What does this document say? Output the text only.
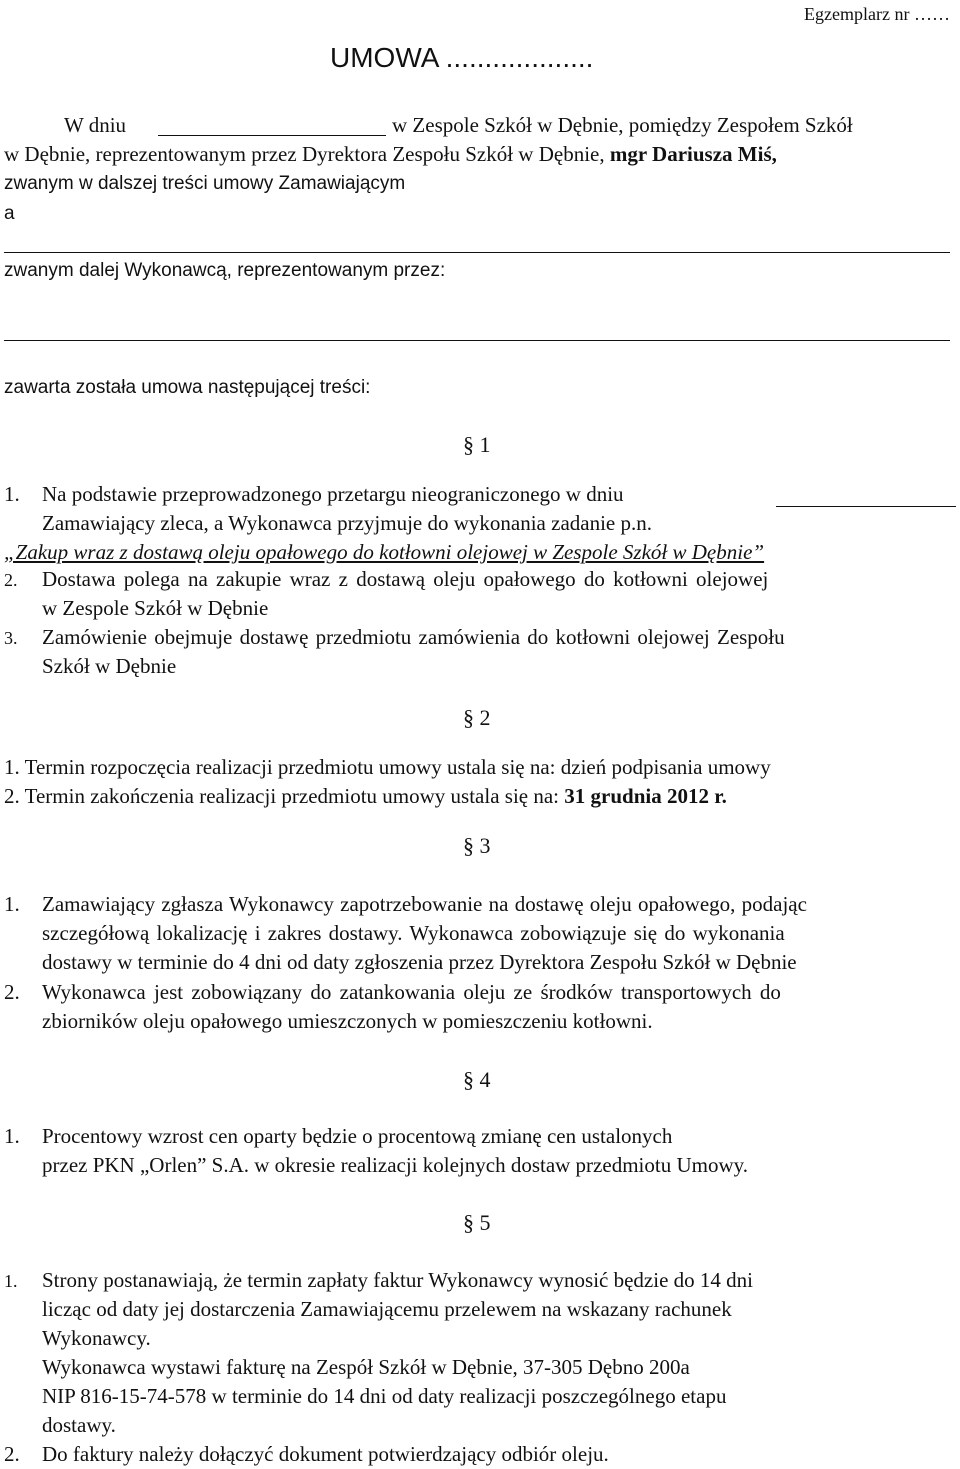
Egzemplarz nr ……
UMOWA ...................
W dniu	w Zespole Szkół w Dębnie, pomiędzy Zespołem Szkół
w Dębnie, reprezentowanym przez Dyrektora Zespołu Szkół w Dębnie, mgr Dariusza Miś,
zwanym w dalszej treści umowy Zamawiającym
a
zwanym dalej Wykonawcą, reprezentowanym przez:
zawarta została umowa następującej treści:
§ 1
1. Na podstawie przeprowadzonego przetargu nieograniczonego w dniu
Zamawiający zleca, a Wykonawca przyjmuje do wykonania zadanie p.n.
„Zakup wraz z dostawą oleju opałowego do kotłowni olejowej w Zespole Szkół w Dębnie”
2. Dostawa polega na zakupie wraz z dostawą oleju opałowego do kotłowni olejowej
w Zespole Szkół w Dębnie
3. Zamówienie obejmuje dostawę przedmiotu zamówienia do kotłowni olejowej Zespołu
Szkół w Dębnie
§ 2
1. Termin rozpoczęcia realizacji przedmiotu umowy ustala się na: dzień podpisania umowy
2. Termin zakończenia realizacji przedmiotu umowy ustala się na: 31 grudnia 2012 r.
§ 3
1. Zamawiający zgłasza Wykonawcy zapotrzebowanie na dostawę oleju opałowego, podając
szczegółową lokalizację i zakres dostawy. Wykonawca zobowiązuje się do wykonania
dostawy w terminie do 4 dni od daty zgłoszenia przez Dyrektora Zespołu Szkół w Dębnie
2. Wykonawca jest zobowiązany do zatankowania oleju ze środków transportowych do
zbiorników oleju opałowego umieszczonych w pomieszczeniu kotłowni.
§ 4
1. Procentowy wzrost cen oparty będzie o procentową zmianę cen ustalonych
przez PKN „Orlen” S.A. w okresie realizacji kolejnych dostaw przedmiotu Umowy.
§ 5
1. Strony postanawiają, że termin zapłaty faktur Wykonawcy wynosić będzie do 14 dni
licząc od daty jej dostarczenia Zamawiającemu przelewem na wskazany rachunek
Wykonawcy.
Wykonawca wystawi fakturę na Zespół Szkół w Dębnie, 37-305 Dębno 200a
NIP 816-15-74-578 w terminie do 14 dni od daty realizacji poszczególnego etapu
dostawy.
2. Do faktury należy dołączyć dokument potwierdzający odbiór oleju.
